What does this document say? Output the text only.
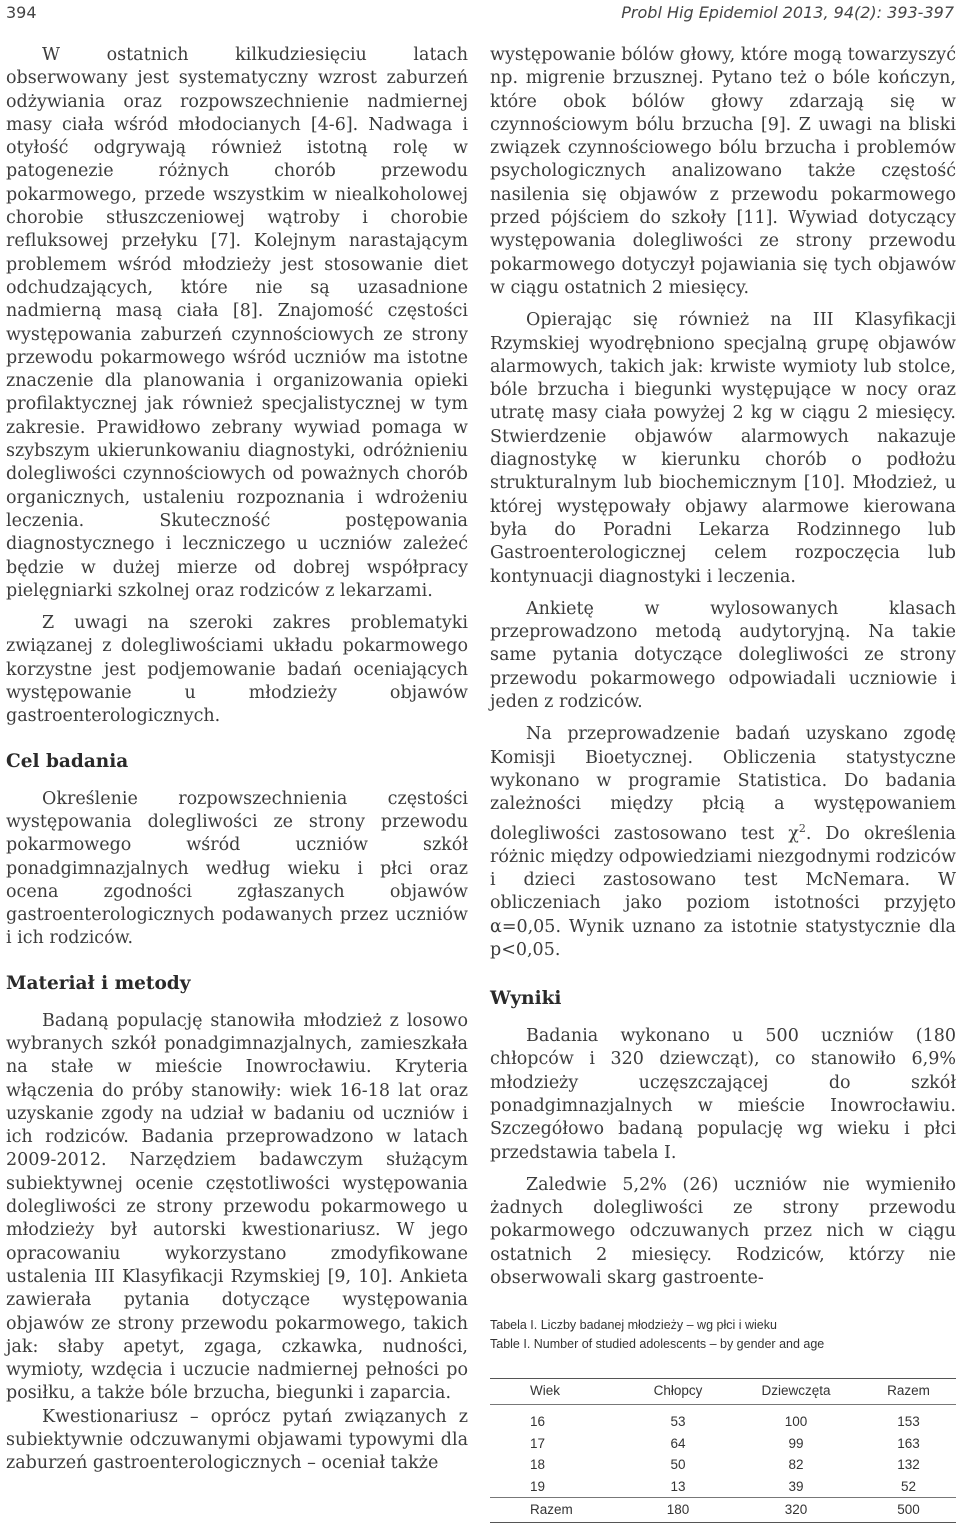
394	Probl Hig Epidemiol 2013, 94(2): 393-397

W ostatnich kilkudziesięciu latach obserwowany jest systematyczny wzrost zaburzeń odżywiania oraz rozpowszechnienie nadmiernej masy ciała wśród młodocianych [4-6]. Nadwaga i otyłość odgrywają również istotną rolę w patogenezie różnych chorób przewodu pokarmowego, przede wszystkim w niealkoholowej chorobie stłuszczeniowej wątroby i chorobie refluksowej przełyku [7]. Kolejnym narastającym problemem wśród młodzieży jest stosowanie diet odchudzających, które nie są uzasadnione nadmierną masą ciała [8]. Znajomość częstości występowania zaburzeń czynnościowych ze strony przewodu pokarmowego wśród uczniów ma istotne znaczenie dla planowania i organizowania opieki profilaktycznej jak również specjalistycznej w tym zakresie. Prawidłowo zebrany wywiad pomaga w szybszym ukierunkowaniu diagnostyki, odróżnieniu dolegliwości czynnościowych od poważnych chorób organicznych, ustaleniu rozpoznania i wdrożeniu leczenia. Skuteczność postępowania diagnostycznego i leczniczego u uczniów zależeć będzie w dużej mierze od dobrej współpracy pielęgniarki szkolnej oraz rodziców z lekarzami.

Z uwagi na szeroki zakres problematyki związanej z dolegliwościami układu pokarmowego korzystne jest podjemowanie badań oceniających występowanie u młodzieży objawów gastroenterologicznych.

Cel badania

Określenie rozpowszechnienia częstości występowania dolegliwości ze strony przewodu pokarmowego wśród uczniów szkół ponadgimnazjalnych według wieku i płci oraz ocena zgodności zgłaszanych objawów gastroenterologicznych podawanych przez uczniów i ich rodziców.

Materiał i metody

Badaną populację stanowiła młodzież z losowo wybranych szkół ponadgimnazjalnych, zamieszkała na stałe w mieście Inowrocławiu. Kryteria włączenia do próby stanowiły: wiek 16-18 lat oraz uzyskanie zgody na udział w badaniu od uczniów i ich rodziców. Badania przeprowadzono w latach 2009-2012. Narzędziem badawczym służącym subiektywnej ocenie częstotliwości występowania dolegliwości ze strony przewodu pokarmowego u młodzieży był autorski kwestionariusz. W jego opracowaniu wykorzystano zmodyfikowane ustalenia III Klasyfikacji Rzymskiej [9, 10]. Ankieta zawierała pytania dotyczące występowania objawów ze strony przewodu pokarmowego, takich jak: słaby apetyt, zgaga, czkawka, nudności, wymioty, wzdęcia i uczucie nadmiernej pełności po posiłku, a także bóle brzucha, biegunki i zaparcia.

Kwestionariusz – oprócz pytań związanych z subiektywnie odczuwanymi objawami typowymi dla zaburzeń gastroenterologicznych – oceniał także

występowanie bólów głowy, które mogą towarzyszyć np. migrenie brzusznej. Pytano też o bóle kończyn, które obok bólów głowy zdarzają się w czynnościowym bólu brzucha [9]. Z uwagi na bliski związek czynnościowego bólu brzucha i problemów psychologicznych analizowano także częstość nasilenia się objawów z przewodu pokarmowego przed pójściem do szkoły [11]. Wywiad dotyczący występowania dolegliwości ze strony przewodu pokarmowego dotyczył pojawiania się tych objawów w ciągu ostatnich 2 miesięcy.

Opierając się również na III Klasyfikacji Rzymskiej wyodrębniono specjalną grupę objawów alarmowych, takich jak: krwiste wymioty lub stolce, bóle brzucha i biegunki występujące w nocy oraz utratę masy ciała powyżej 2 kg w ciągu 2 miesięcy. Stwierdzenie objawów alarmowych nakazuje diagnostykę w kierunku chorób o podłożu strukturalnym lub biochemicznym [10]. Młodzież, u której występowały objawy alarmowe kierowana była do Poradni Lekarza Rodzinnego lub Gastroenterologicznej celem rozpoczęcia lub kontynuacji diagnostyki i leczenia.

Ankietę w wylosowanych klasach przeprowadzono metodą audytoryjną. Na takie same pytania dotyczące dolegliwości ze strony przewodu pokarmowego odpowiadali uczniowie i jeden z rodziców.

Na przeprowadzenie badań uzyskano zgodę Komisji Bioetycznej. Obliczenia statystyczne wykonano w programie Statistica. Do badania zależności między płcią a występowaniem dolegliwości zastosowano test $\chi^2$. Do określenia różnic między odpowiedziami niezgodnymi rodziców i dzieci zastosowano test McNemara. W obliczeniach jako poziom istotności przyjęto α=0,05. Wynik uznano za istotnie statystycznie dla p<0,05.

Wyniki

Badania wykonano u 500 uczniów (180 chłopców i 320 dziewcząt), co stanowiło 6,9% młodzieży uczęszczającej do szkół ponadgimnazjalnych w mieście Inowrocławiu. Szczegółowo badaną populację wg wieku i płci przedstawia tabela I.

Zaledwie 5,2% (26) uczniów nie wymieniło żadnych dolegliwości ze strony przewodu pokarmowego odczuwanych przez nich w ciągu ostatnich 2 miesięcy. Rodziców, którzy nie obserwowali skarg gastroente-

Tabela I. Liczby badanej młodzieży – wg płci i wieku
Table I. Number of studied adolescents – by gender and age
Wiek	Chłopcy	Dziewczęta	Razem
16	53	100	153
17	64	99	163
18	50	82	132
19	13	39	52
Razem	180	320	500
